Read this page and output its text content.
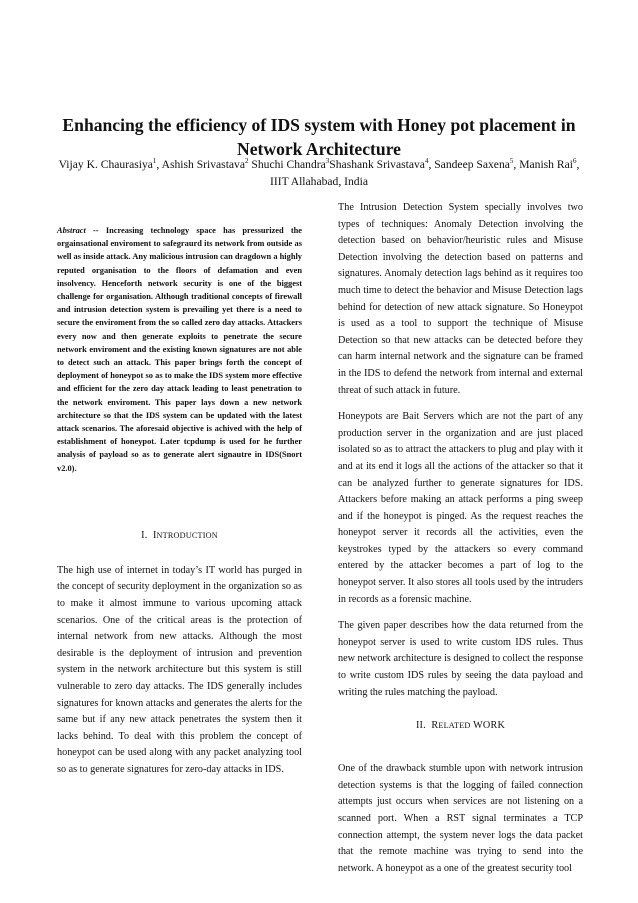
Enhancing the efficiency of IDS system with Honey pot placement in Network Architecture
Vijay K. Chaurasiya$^1$, Ashish Srivastava$^2$ Shuchi Chandra$^3$Shashank Srivastava$^4$, Sandeep Saxena$^5$, Manish Rai$^6$,
IIIT Allahabad, India

Abstract -- Increasing technology space has pressurized the orgainsational enviroment to safegraurd its network from outside as well as inside attack. Any malicious intrusion can dragdown a highly reputed organisation to the floors of defamation and even insolvency. Henceforth network security is one of the biggest challenge for organisation. Although traditional concepts of firewall and intrusion detection system is prevailing yet there is a need to secure the enviroment from the so called zero day attacks. Attackers every now and then generate exploits to penetrate the secure network enviroment and the existing known signatures are not able to detect such an attack. This paper brings forth the concept of deployment of honeypot so as to make the IDS system more effective and efficient for the zero day attack leading to least penetration to the network enviroment. This paper lays down a new network architecture so that the IDS system can be updated with the latest attack scenarios. The aforesaid objective is achived with the help of establishment of honeypot. Later tcpdump is used for he further analysis of payload so as to generate alert signautre in IDS(Snort v2.0).

I. INTRODUCTION

The high use of internet in today’s IT world has purged in the concept of security deployment in the organization so as to make it almost immune to various upcoming attack scenarios. One of the critical areas is the protection of internal network from new attacks. Although the most desirable is the deployment of intrusion and prevention system in the network architecture but this system is still vulnerable to zero day attacks. The IDS generally includes signatures for known attacks and generates the alerts for the same but if any new attack penetrates the system then it lacks behind. To deal with this problem the concept of honeypot can be used along with any packet analyzing tool so as to generate signatures for zero-day attacks in IDS.

The Intrusion Detection System specially involves two types of techniques: Anomaly Detection involving the detection based on behavior/heuristic rules and Misuse Detection involving the detection based on patterns and signatures. Anomaly detection lags behind as it requires too much time to detect the behavior and Misuse Detection lags behind for detection of new attack signature. So Honeypot is used as a tool to support the technique of Misuse Detection so that new attacks can be detected before they can harm internal network and the signature can be framed in the IDS to defend the network from internal and external threat of such attack in future.

Honeypots are Bait Servers which are not the part of any production server in the organization and are just placed isolated so as to attract the attackers to plug and play with it and at its end it logs all the actions of the attacker so that it can be analyzed further to generate signatures for IDS. Attackers before making an attack performs a ping sweep and if the honeypot is pinged. As the request reaches the honeypot server it records all the activities, even the keystrokes typed by the attackers so every command entered by the attacker becomes a part of log to the honeypot server. It also stores all tools used by the intruders in records as a forensic machine.

The given paper describes how the data returned from the honeypot server is used to write custom IDS rules. Thus new network architecture is designed to collect the response to write custom IDS rules by seeing the data payload and writing the rules matching the payload.

II. RELATED WORK

One of the drawback stumble upon with network intrusion detection systems is that the logging of failed connection attempts just occurs when services are not listening on a scanned port. When a RST signal terminates a TCP connection attempt, the system never logs the data packet that the remote machine was trying to send into the network. A honeypot as a one of the greatest security tool
